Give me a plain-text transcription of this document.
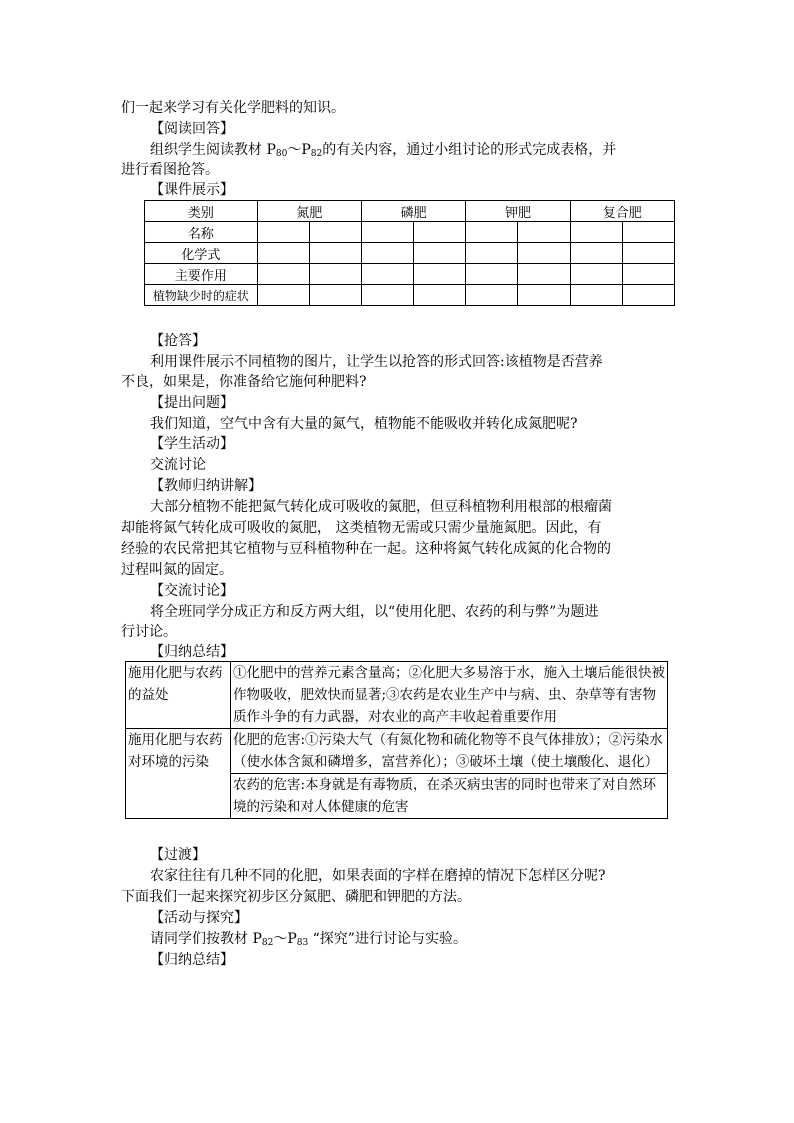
们一起来学习有关化学肥料的知识。
【阅读回答】
组织学生阅读教材 $P_{80}\sim P_{82}$的有关内容，通过小组讨论的形式完成表格，并
进行看图抢答。
【课件展示】
类别	氮肥		磷肥		钾肥		复合肥	
名称								
化学式								
主要作用								
植物缺少时的症状								
【抢答】
利用课件展示不同植物的图片，让学生以抢答的形式回答:该植物是否营养
不良，如果是，你准备给它施何种肥料?
【提出问题】
我们知道，空气中含有大量的氮气，植物能不能吸收并转化成氮肥呢?
【学生活动】
交流讨论
【教师归纳讲解】
大部分植物不能把氮气转化成可吸收的氮肥，但豆科植物利用根部的根瘤菌
却能将氮气转化成可吸收的氮肥， 这类植物无需或只需少量施氮肥。因此，有
经验的农民常把其它植物与豆科植物种在一起。这种将氮气转化成氮的化合物的
过程叫氮的固定。
【交流讨论】
将全班同学分成正方和反方两大组，以“使用化肥、农药的利与弊”为题进
行讨论。
【归纳总结】
施用化肥与农药的益处	①化肥中的营养元素含量高；②化肥大多易溶于水，施入土壤后能很快被作物吸收，肥效快而显著;③农药是农业生产中与病、虫、杂草等有害物质作斗争的有力武器，对农业的高产丰收起着重要作用
施用化肥与农药对环境的污染	化肥的危害:①污染大气（有氮化物和硫化物等不良气体排放）；②污染水（使水体含氮和磷增多，富营养化）；③破坏土壤（使土壤酸化、退化）
	农药的危害:本身就是有毒物质，在杀灭病虫害的同时也带来了对自然环境的污染和对人体健康的危害
【过渡】
农家往往有几种不同的化肥，如果表面的字样在磨掉的情况下怎样区分呢?
下面我们一起来探究初步区分氮肥、磷肥和钾肥的方法。
【活动与探究】
请同学们按教材 $P_{82}\sim P_{83}$ “探究”进行讨论与实验。
【归纳总结】
